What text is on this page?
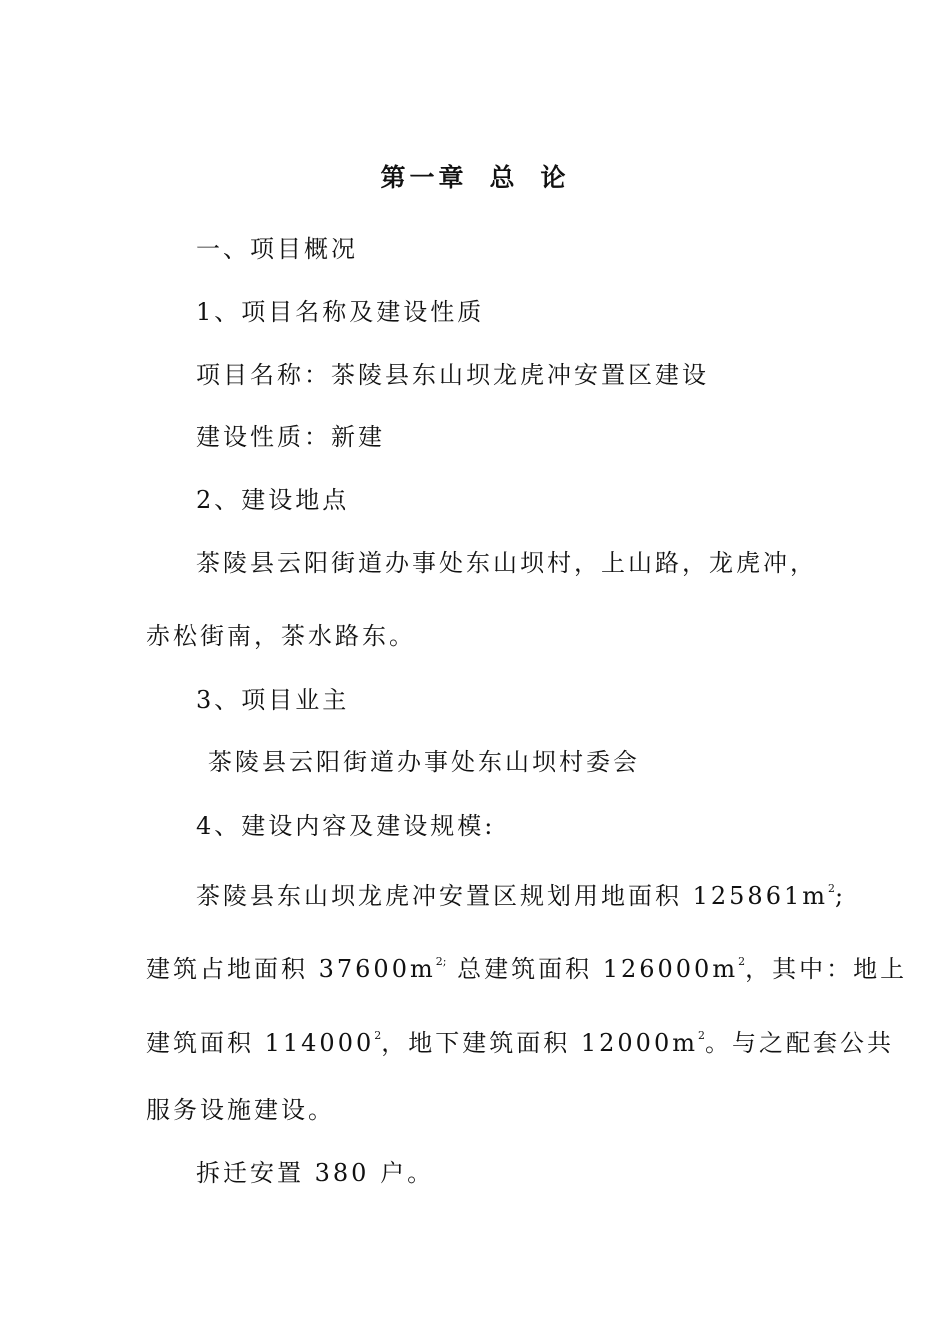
第一章 总 论
一、项目概况
1、项目名称及建设性质
项目名称：茶陵县东山坝龙虎冲安置区建设
建设性质：新建
2、建设地点
茶陵县云阳街道办事处东山坝村，上山路，龙虎冲，
赤松街南，茶水路东。
3、项目业主
茶陵县云阳街道办事处东山坝村委会
4、建设内容及建设规模:
茶陵县东山坝龙虎冲安置区规划用地面积 $125861m^2$;
建筑占地面积 $37600m^{2;}$ 总建筑面积 $126000m^2$，其中：地上
建筑面积 114000$^2$，地下建筑面积 $12000m^2$。与之配套公共
服务设施建设。
拆迁安置 380 户。
